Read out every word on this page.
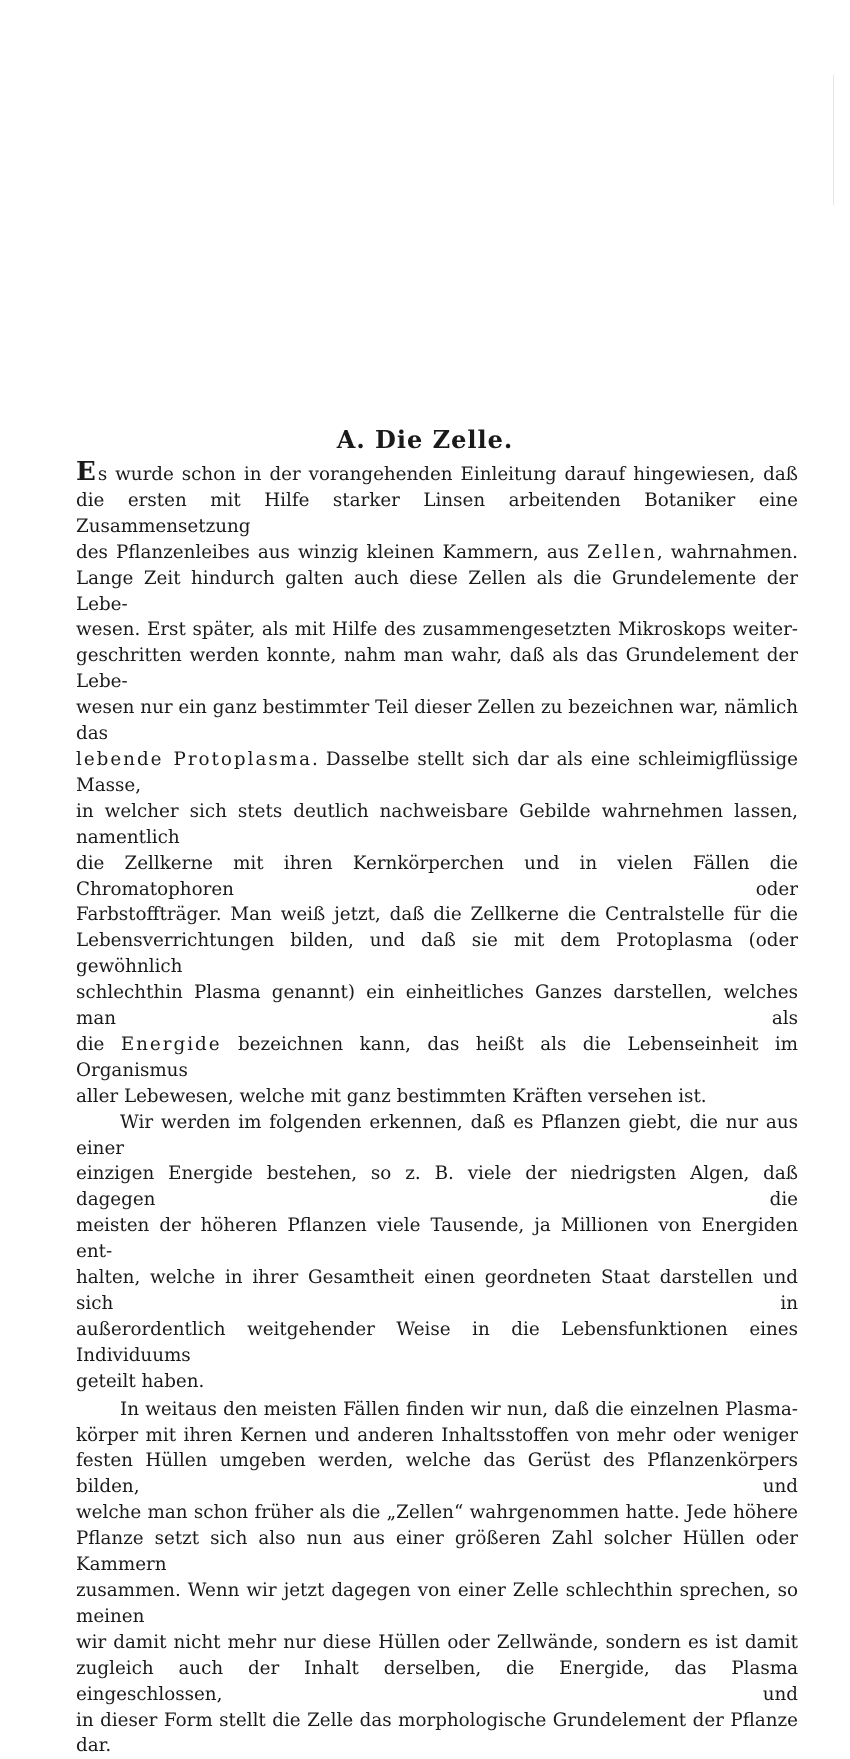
A. Die Zelle.
E s wurde schon in der vorangehenden Einleitung darauf hingewiesen, daß
die ersten mit Hilfe starker Linsen arbeitenden Botaniker eine Zusammensetzung
des Pflanzenleibes aus winzig kleinen Kammern, aus Zellen, wahrnahmen.
Lange Zeit hindurch galten auch diese Zellen als die Grundelemente der Lebe-
wesen. Erst später, als mit Hilfe des zusammengesetzten Mikroskops weiter-
geschritten werden konnte, nahm man wahr, daß als das Grundelement der Lebe-
wesen nur ein ganz bestimmter Teil dieser Zellen zu bezeichnen war, nämlich das
lebende Protoplasma. Dasselbe stellt sich dar als eine schleimigflüssige Masse,
in welcher sich stets deutlich nachweisbare Gebilde wahrnehmen lassen, namentlich
die Zellkerne mit ihren Kernkörperchen und in vielen Fällen die Chromatophoren oder
Farbstoffträger. Man weiß jetzt, daß die Zellkerne die Centralstelle für die
Lebensverrichtungen bilden, und daß sie mit dem Protoplasma (oder gewöhnlich
schlechthin Plasma genannt) ein einheitliches Ganzes darstellen, welches man als
die Energide bezeichnen kann, das heißt als die Lebenseinheit im Organismus
aller Lebewesen, welche mit ganz bestimmten Kräften versehen ist.
Wir werden im folgenden erkennen, daß es Pflanzen giebt, die nur aus einer
einzigen Energide bestehen, so z. B. viele der niedrigsten Algen, daß dagegen die
meisten der höheren Pflanzen viele Tausende, ja Millionen von Energiden ent-
halten, welche in ihrer Gesamtheit einen geordneten Staat darstellen und sich in
außerordentlich weitgehender Weise in die Lebensfunktionen eines Individuums
geteilt haben.
In weitaus den meisten Fällen finden wir nun, daß die einzelnen Plasma-
körper mit ihren Kernen und anderen Inhaltsstoffen von mehr oder weniger
festen Hüllen umgeben werden, welche das Gerüst des Pflanzenkörpers bilden, und
welche man schon früher als die „Zellen“ wahrgenommen hatte. Jede höhere
Pflanze setzt sich also nun aus einer größeren Zahl solcher Hüllen oder Kammern
zusammen. Wenn wir jetzt dagegen von einer Zelle schlechthin sprechen, so meinen
wir damit nicht mehr nur diese Hüllen oder Zellwände, sondern es ist damit
zugleich auch der Inhalt derselben, die Energide, das Plasma eingeschlossen, und
in dieser Form stellt die Zelle das morphologische Grundelement der Pflanze dar.
